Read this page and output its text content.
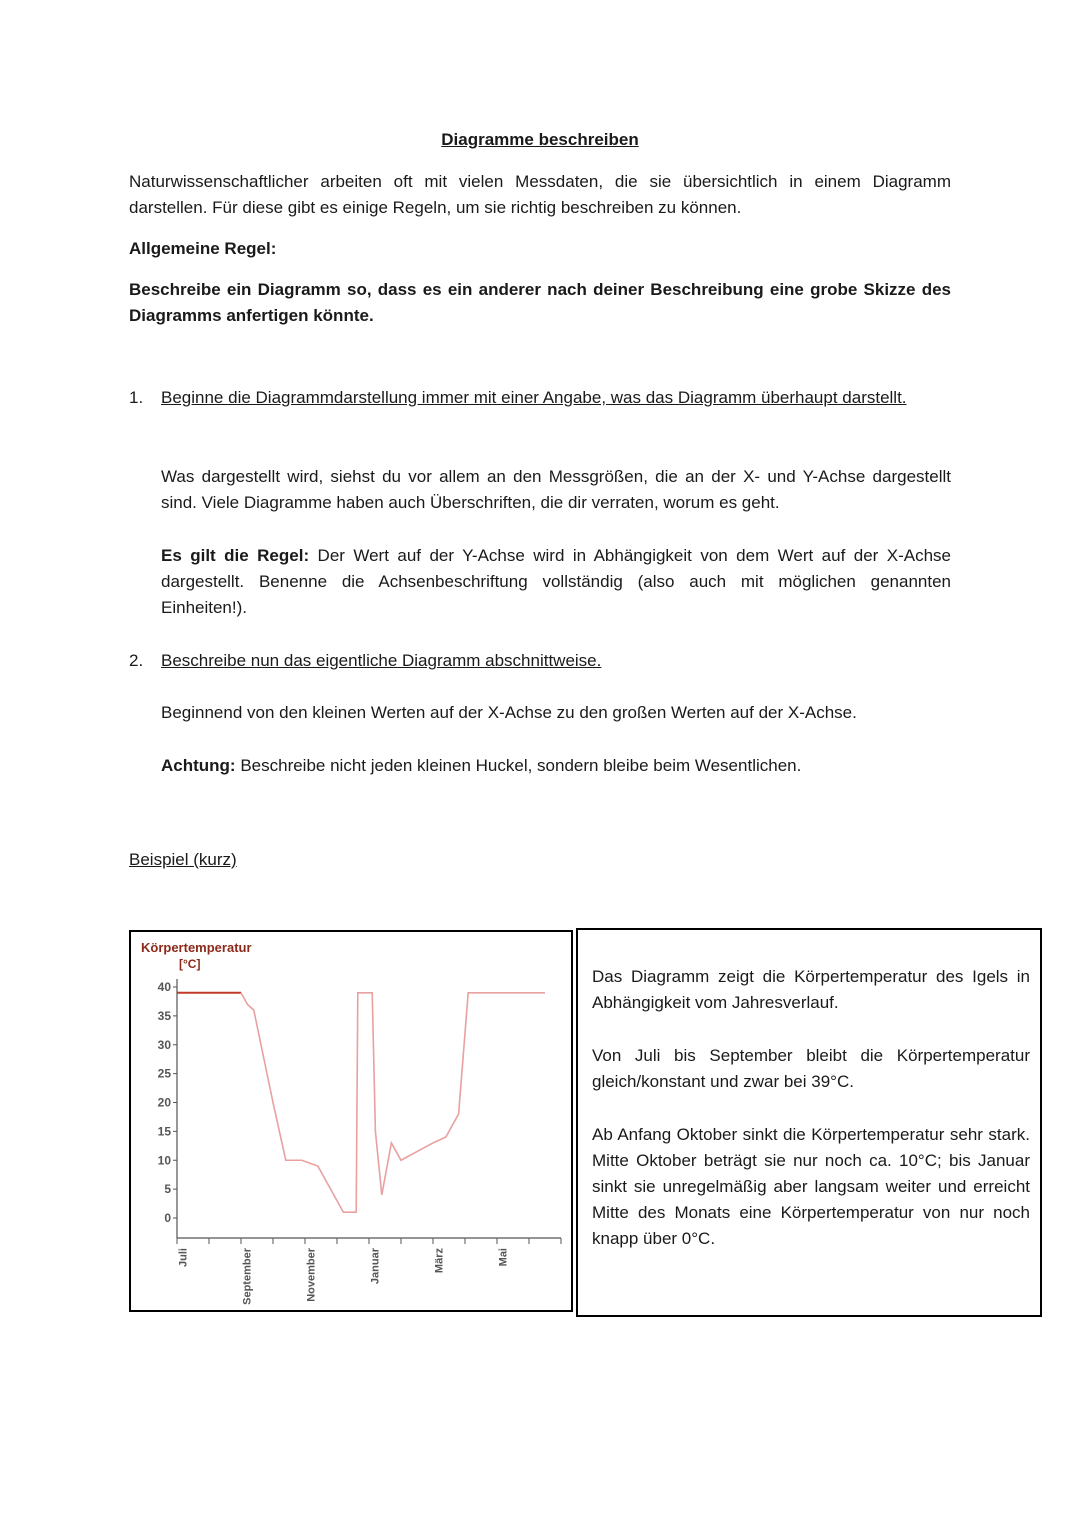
Diagramme beschreiben
Naturwissenschaftlicher arbeiten oft mit vielen Messdaten, die sie übersichtlich in einem Diagramm darstellen. Für diese gibt es einige Regeln, um sie richtig beschreiben zu können.
Allgemeine Regel:
Beschreibe ein Diagramm so, dass es ein anderer nach deiner Beschreibung eine grobe Skizze des Diagramms anfertigen könnte.
1. Beginne die Diagrammdarstellung immer mit einer Angabe, was das Diagramm überhaupt darstellt.
Was dargestellt wird, siehst du vor allem an den Messgrößen, die an der X- und Y-Achse dargestellt sind. Viele Diagramme haben auch Überschriften, die dir verraten, worum es geht.
Es gilt die Regel: Der Wert auf der Y-Achse wird in Abhängigkeit von dem Wert auf der X-Achse dargestellt. Benenne die Achsenbeschriftung vollständig (also auch mit möglichen genannten Einheiten!).
2. Beschreibe nun das eigentliche Diagramm abschnittweise.
Beginnend von den kleinen Werten auf der X-Achse zu den großen Werten auf der X-Achse.
Achtung: Beschreibe nicht jeden kleinen Huckel, sondern bleibe beim Wesentlichen.
Beispiel (kurz)
Körpertemperatur
[°C]
40
35
30
25
20
15
10
5
0
Juli	September	November	Januar	März	Mai
Das Diagramm zeigt die Körpertemperatur des Igels in Abhängigkeit vom Jahresverlauf.
Von Juli bis September bleibt die Körpertemperatur gleich/konstant und zwar bei 39°C.
Ab Anfang Oktober sinkt die Körpertemperatur sehr stark. Mitte Oktober beträgt sie nur noch ca. 10°C; bis Januar sinkt sie unregelmäßig aber langsam weiter und erreicht Mitte des Monats eine Körpertemperatur von nur noch knapp über 0°C.
